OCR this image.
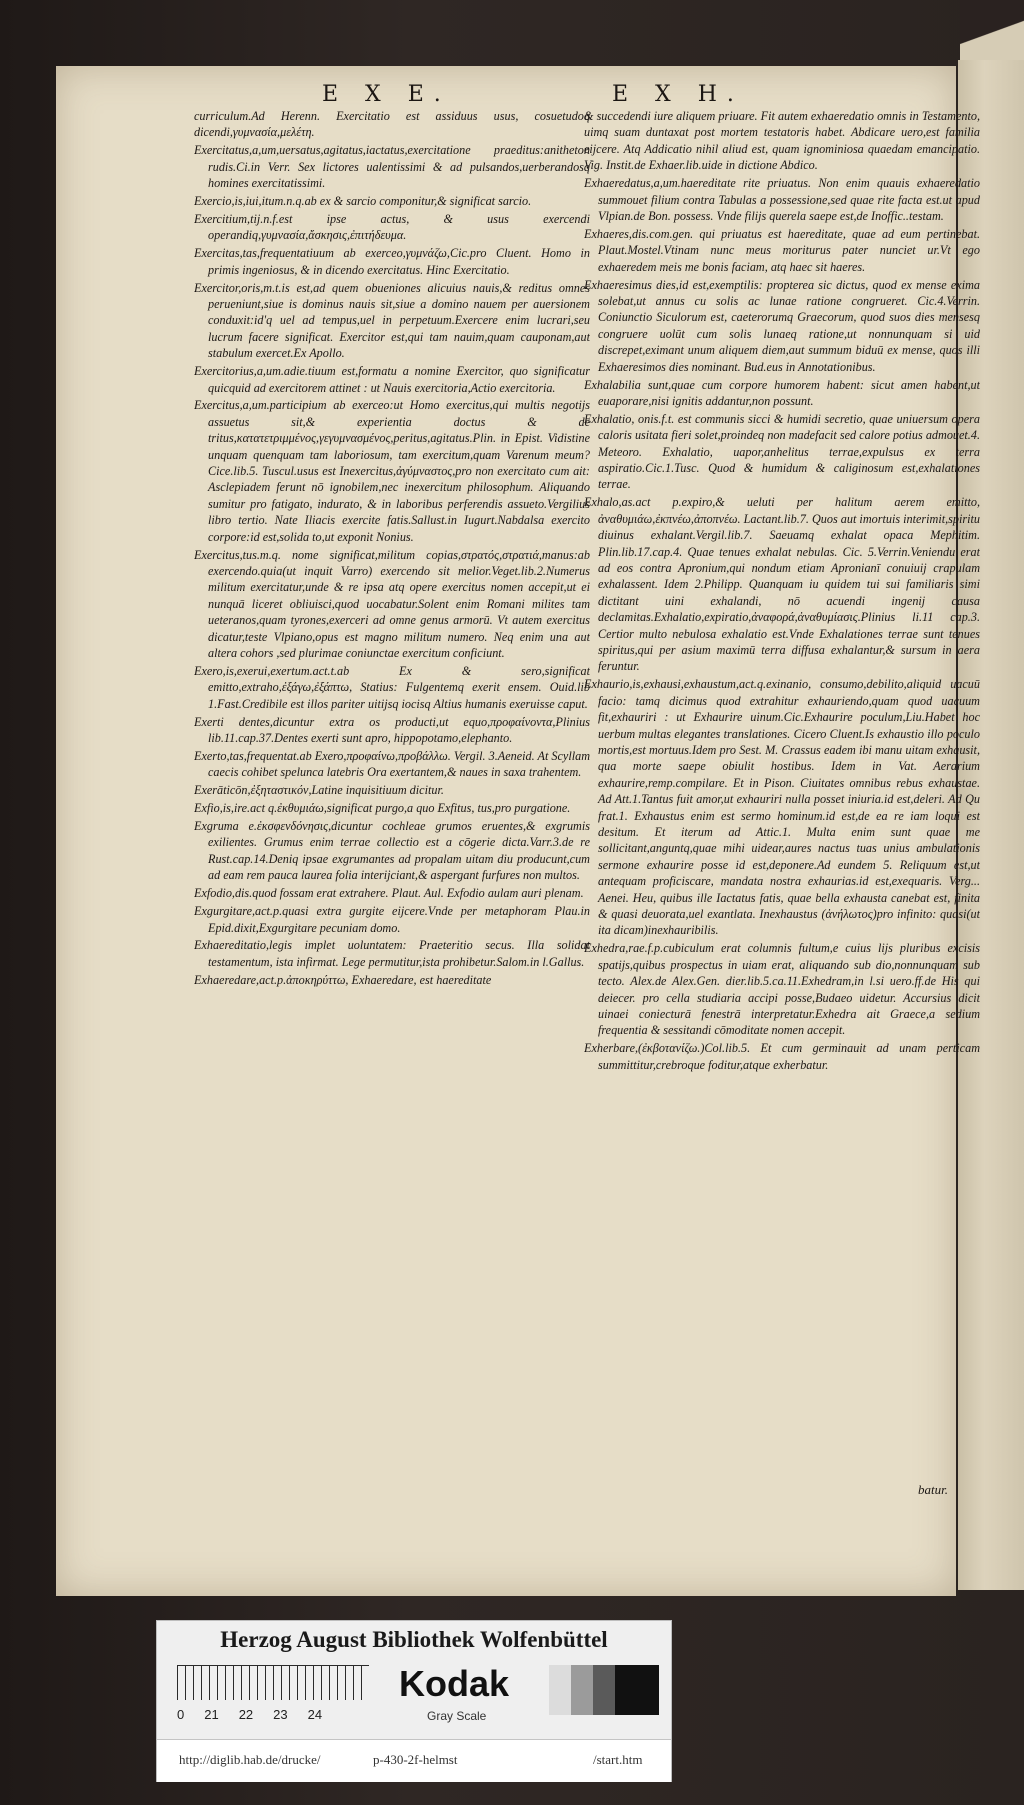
E X E.	E X H.

curriculum.Ad Herenn. Exercitatio est assiduus usus, cosuetudoq dicendi,γυμνασία,μελέτη.

Exercitatus,a,um,uersatus,agitatus,iactatus,exercitatione praeditus:anitheton rudis.Ci.in Verr. Sex lictores ualentissimi & ad pulsandos,uerberandosq homines exercitatissimi.

Exercio,is,iui,itum.n.q.ab ex & sarcio componitur,& significat sarcio.

Exercitium,tij.n.f.est ipse actus, & usus exercendi operandiq,γυμνασία,ἄσκησις,ἐπιτήδευμα.

Exercitas,tas,frequentatiuum ab exerceo,γυμνάζω,Cic.pro Cluent. Homo in primis ingeniosus, & in dicendo exercitatus. Hinc Exercitatio.

Exercitor,oris,m.t.is est,ad quem obueniones alicuius nauis,& reditus omnes perueniunt,siue is dominus nauis sit,siue a domino nauem per auersionem conduxit:id'q uel ad tempus,uel in perpetuum.Exercere enim lucrari,seu lucrum facere significat. Exercitor est,qui tam nauim,quam cauponam,aut stabulum exercet.Ex Apollo.

Exercitorius,a,um.adie.tiuum est,formatu a nomine Exercitor, quo significatur quicquid ad exercitorem attinet : ut Nauis exercitoria,Actio exercitoria.

Exercitus,a,um.participium ab exerceo:ut Homo exercitus,qui multis negotijs assuetus sit,& experientia doctus & de tritus,κατατετριμμένος,γεγυμνασμένος,peritus,agitatus.Plin. in Epist. Vidistine unquam quenquam tam laboriosum, tam exercitum,quam Varenum meum?Cice.lib.5. Tuscul.usus est Inexercitus,ἀγύμναστος,pro non exercitato cum ait: Asclepiadem ferunt nō ignobilem,nec inexercitum philosophum. Aliquando sumitur pro fatigato, indurato, & in laboribus perferendis assueto.Vergilius libro tertio. Nate Iliacis exercite fatis.Sallust.in Iugurt.Nabdalsa exercito corpore:id est,solida to,ut exponit Nonius.

Exercitus,tus.m.q. nome significat,militum copias,στρατός,στρατιά,manus:ab exercendo.quia(ut inquit Varro) exercendo sit melior.Veget.lib.2.Numerus militum exercitatur,unde & re ipsa atq opere exercitus nomen accepit,ut ei nunquā liceret obliuisci,quod uocabatur.Solent enim Romani milites tam ueteranos,quam tyrones,exerceri ad omne genus armorū. Vt autem exercitus dicatur,teste Vlpiano,opus est magno militum numero. Neq enim una aut altera cohors ,sed plurimae coniunctae exercitum conficiunt.

Exero,is,exerui,exertum.act.t.ab Ex & sero,significat emitto,extraho,ἐξάγω,ἐξάπτω, Statius: Fulgentemq exerit ensem. Ouid.lib 1.Fast.Credibile est illos pariter uitijsq iocisq Altius humanis exeruisse caput.

Exerti dentes,dicuntur extra os producti,ut equo,προφαίνοντα,Plinius lib.11.cap.37.Dentes exerti sunt apro, hippopotamo,elephanto.

Exerto,tas,frequentat.ab Exero,προφαίνω,προβάλλω. Vergil. 3.Aeneid. At Scyllam caecis cohibet spelunca latebris Ora exertantem,& naues in saxa trahentem.

Exerāticōn,ἐξηταστικόν,Latine inquisitiuum dicitur.

Exfio,is,ire.act q.ἐκθυμιάω,significat purgo,a quo Exfitus, tus,pro purgatione.

Exgruma e.ἐκσφενδόνησις,dicuntur cochleae grumos eruentes,& exgrumis exilientes. Grumus enim terrae collectio est a cōgerie dicta.Varr.3.de re Rust.cap.14.Deniq ipsae exgrumantes ad propalam uitam diu producunt,cum ad eam rem pauca laurea folia interijciant,& aspergant furfures non multos.

Exfodio,dis.quod fossam erat extrahere. Plaut. Aul. Exfodio aulam auri plenam.

Exgurgitare,act.p.quasi extra gurgite eijcere.Vnde per metaphoram Plau.in Epid.dixit,Exgurgitare pecuniam domo.

Exhaereditatio,legis implet uoluntatem: Praeteritio secus. Illa solidat testamentum, ista infirmat. Lege permutitur,ista prohibetur.Salom.in l.Gallus.

Exhaeredare,act.p.ἀποκηρύττω, Exhaeredare, est haereditate

& succedendi iure aliquem priuare. Fit autem exhaeredatio omnis in Testamento, uimq suam duntaxat post mortem testatoris habet. Abdicare uero,est familia eijcere. Atq Addicatio nihil aliud est, quam ignominiosa quaedam emancipatio. Vig. Instit.de Exhaer.lib.uide in dictione Abdico.

Exhaeredatus,a,um.haereditate rite priuatus. Non enim quauis exhaeredatio summouet filium contra Tabulas a possessione,sed quae rite facta est.ut apud Vlpian.de Bon. possess. Vnde filijs querela saepe est,de Inoffic..testam.

Exhaeres,dis.com.gen. qui priuatus est haereditate, quae ad eum pertinebat. Plaut.Mostel.Vtinam nunc meus moriturus pater nunciet ur.Vt ego exhaeredem meis me bonis faciam, atq haec sit haeres.

Exhaeresimus dies,id est,exemptilis: propterea sic dictus, quod ex mense exima solebat,ut annus cu solis ac lunae ratione congrueret. Cic.4.Verrin. Coniunctio Siculorum est, caeterorumq Graecorum, quod suos dies mensesq congruere uolūt cum solis lunaeq ratione,ut nonnunquam si uid discrepet,eximant unum aliquem diem,aut summum biduū ex mense, quos illi Exhaeresimos dies nominant. Bud.eus in Annotationibus.

Exhalabilia sunt,quae cum corpore humorem habent: sicut amen habent,ut euaporare,nisi ignitis addantur,non possunt.

Exhalatio, onis.f.t. est communis sicci & humidi secretio, quae uniuersum opera caloris usitata fieri solet,proindeq non madefacit sed calore potius admouet.4. Meteoro. Exhalatio, uapor,anhelitus terrae,expulsus ex terra aspiratio.Cic.1.Tusc. Quod & humidum & caliginosum est,exhalationes terrae.

Exhalo,as.act p.expiro,& ueluti per halitum aerem emitto, ἀναθυμιάω,ἐκπνέω,ἀποπνέω. Lactant.lib.7. Quos aut imortuis interimit,spiritu diuinus exhalant.Vergil.lib.7. Saeuamq exhalat opaca Mephitim. Plin.lib.17.cap.4. Quae tenues exhalat nebulas. Cic. 5.Verrin.Veniendu erat ad eos contra Apronium,qui nondum etiam Apronianī conuiuij crapulam exhalassent. Idem 2.Philipp. Quanquam iu quidem tui sui familiaris simi dictitant uini exhalandi, nō acuendi ingenij causa declamitas.Exhalatio,expiratio,ἀναφορά,ἀναθυμίασις.Plinius li.11 cap.3. Certior multo nebulosa exhalatio est.Vnde Exhalationes terrae sunt tenues spiritus,qui per asium maximū terra diffusa exhalantur,& sursum in aera feruntur.

Exhaurio,is,exhausi,exhaustum,act.q.exinanio, consumo,debilito,aliquid uacuū facio: tamq dicimus quod extrahitur exhauriendo,quam quod uacuum fit,exhauriri : ut Exhaurire uinum.Cic.Exhaurire poculum,Liu.Habet hoc uerbum multas elegantes translationes. Cicero Cluent.Is exhaustio illo poculo mortis,est mortuus.Idem pro Sest. M. Crassus eadem ibi manu uitam exhausit, qua morte saepe obiulit hostibus. Idem in Vat. Aerarium exhaurire,remp.compilare. Et in Pison. Ciuitates omnibus rebus exhaustae. Ad Att.1.Tantus fuit amor,ut exhauriri nulla posset iniuria.id est,deleri. Ad Qu frat.1. Exhaustus enim est sermo hominum.id est,de ea re iam loqui est desitum. Et iterum ad Attic.1. Multa enim sunt quae me sollicitant,anguntq,quae mihi uidear,aures nactus tuas unius ambulationis sermone exhaurire posse id est,deponere.Ad eundem 5. Reliquum est,ut antequam proficiscare, mandata nostra exhaurias.id est,exequaris. Verg... Aenei. Heu, quibus ille Iactatus fatis, quae bella exhausta canebat est, finita & quasi deuorata,uel exantlata. Inexhaustus (ἀνήλωτος)pro infinito: quasi(ut ita dicam)inexhauribilis.

Exhedra,rae.f.p.cubiculum erat columnis fultum,e cuius lijs pluribus excisis spatijs,quibus prospectus in uiam erat, aliquando sub dio,nonnunquam sub tecto. Alex.de Alex.Gen. dier.lib.5.ca.11.Exhedram,in l.si uero.ff.de His qui deiecer. pro cella studiaria accipi posse,Budaeo uidetur. Accursius dicit uinaei coniecturā fenestrā interpretatur.Exhedra ait Graece,a sedium frequentia & sessitandi cōmoditate nomen accepit.

Exherbare,(ἐκβοτανίζω.)Col.lib.5. Et cum germinauit ad unam perticam summittitur,crebroque foditur,atque exherbatur.

batur.
Herzog August Bibliothek Wolfenbüttel
0 21 22 23 24
Kodak
Gray Scale
http://diglib.hab.de/drucke/	p-430-2f-helmst	/start.htm
